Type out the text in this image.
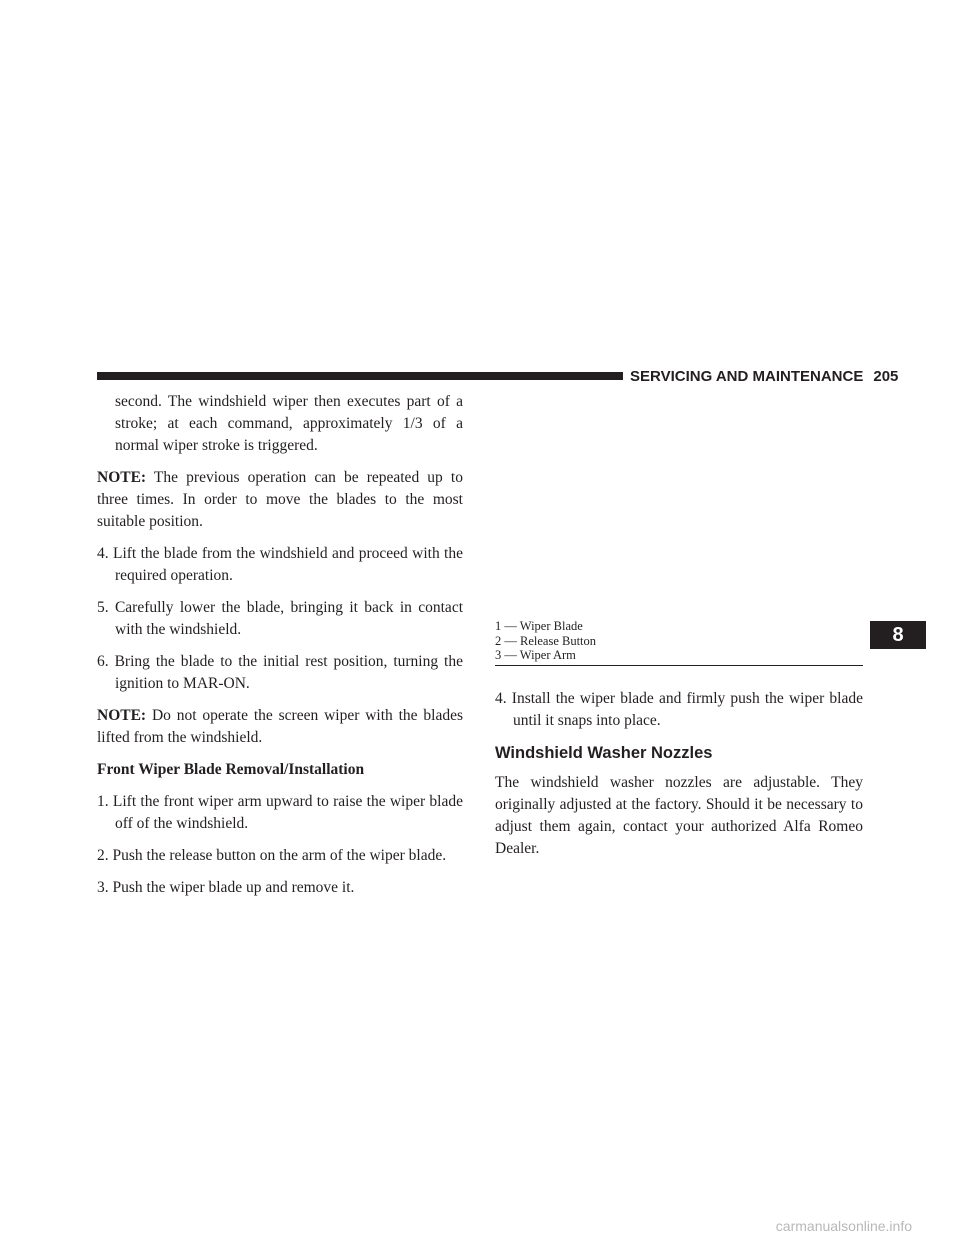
SERVICING AND MAINTENANCE 205

second. The windshield wiper then executes part of a stroke; at each command, approximately 1/3 of a normal wiper stroke is triggered.

NOTE: The previous operation can be repeated up to three times. In order to move the blades to the most suitable position.

4. Lift the blade from the windshield and proceed with the required operation.

5. Carefully lower the blade, bringing it back in contact with the windshield.

6. Bring the blade to the initial rest position, turning the ignition to MAR-ON.

NOTE: Do not operate the screen wiper with the blades lifted from the windshield.

Front Wiper Blade Removal/Installation

1. Lift the front wiper arm upward to raise the wiper blade off of the windshield.

2. Push the release button on the arm of the wiper blade.

3. Push the wiper blade up and remove it.

1 — Wiper Blade
2 — Release Button
3 — Wiper Arm
8

4. Install the wiper blade and firmly push the wiper blade until it snaps into place.

Windshield Washer Nozzles

The windshield washer nozzles are adjustable. They originally adjusted at the factory. Should it be necessary to adjust them again, contact your authorized Alfa Romeo Dealer.

carmanualsonline.info
